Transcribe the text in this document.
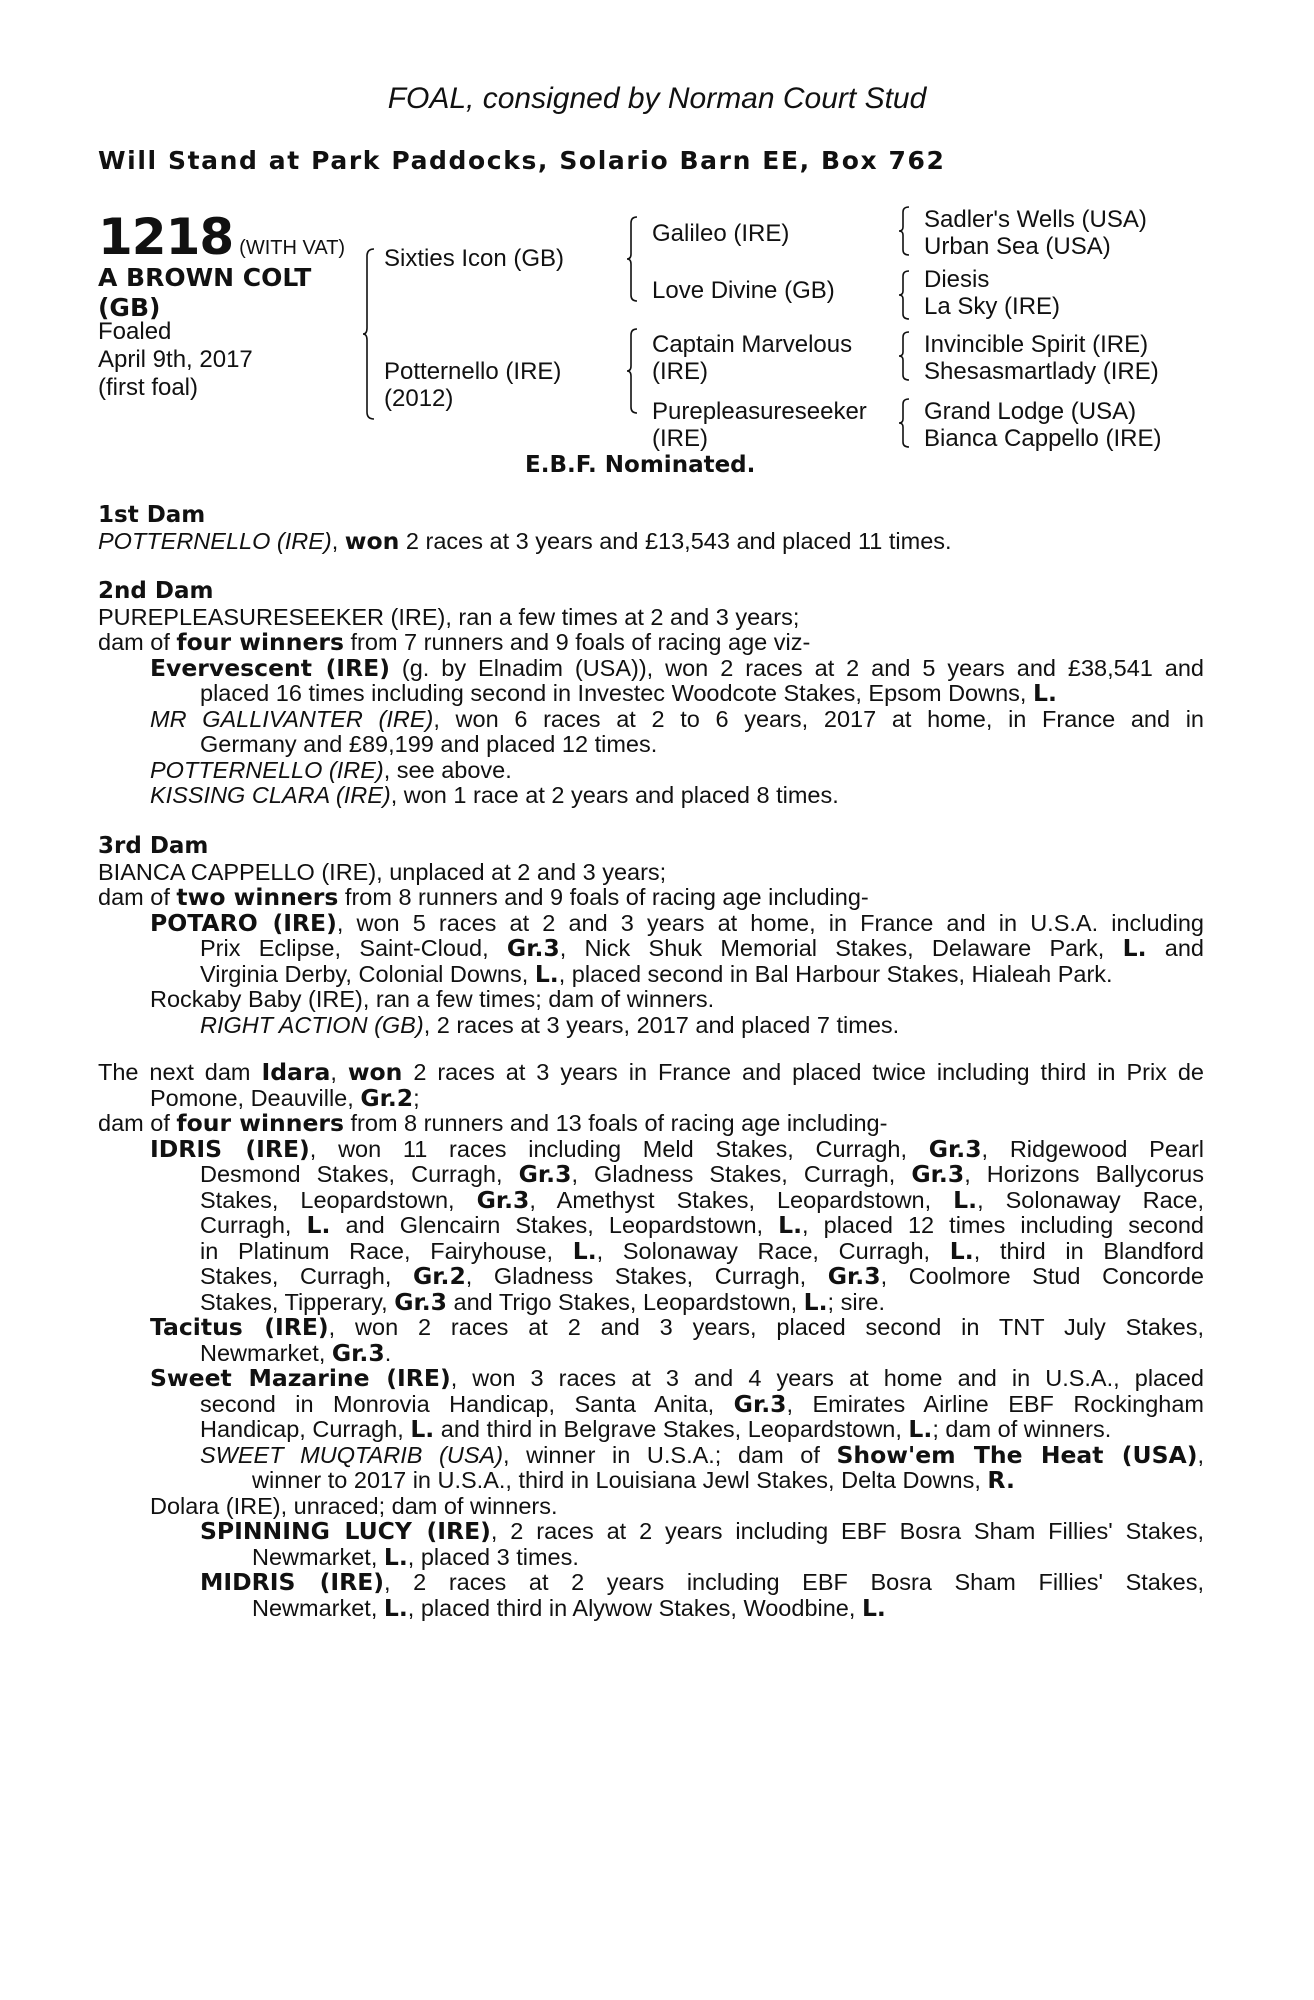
FOAL, consigned by Norman Court Stud
Will Stand at Park Paddocks, Solario Barn EE, Box 762
1218 (WITH VAT)
A BROWN COLT
(GB)
Foaled
April 9th, 2017
(first foal)
Sixties Icon (GB)
Potternello (IRE)
(2012)
Galileo (IRE)
Love Divine (GB)
Captain Marvelous
(IRE)
Purepleasureseeker
(IRE)
Sadler's Wells (USA)
Urban Sea (USA)
Diesis
La Sky (IRE)
Invincible Spirit (IRE)
Shesasmartlady (IRE)
Grand Lodge (USA)
Bianca Cappello (IRE)
E.B.F. Nominated.
1st Dam
POTTERNELLO (IRE), won 2 races at 3 years and £13,543 and placed 11 times.
2nd Dam
PUREPLEASURESEEKER (IRE), ran a few times at 2 and 3 years;
dam of four winners from 7 runners and 9 foals of racing age viz-
Evervescent (IRE) (g. by Elnadim (USA)), won 2 races at 2 and 5 years and £38,541 and
placed 16 times including second in Investec Woodcote Stakes, Epsom Downs, L.
MR GALLIVANTER (IRE), won 6 races at 2 to 6 years, 2017 at home, in France and in
Germany and £89,199 and placed 12 times.
POTTERNELLO (IRE), see above.
KISSING CLARA (IRE), won 1 race at 2 years and placed 8 times.
3rd Dam
BIANCA CAPPELLO (IRE), unplaced at 2 and 3 years;
dam of two winners from 8 runners and 9 foals of racing age including-
POTARO (IRE), won 5 races at 2 and 3 years at home, in France and in U.S.A. including
Prix Eclipse, Saint-Cloud, Gr.3, Nick Shuk Memorial Stakes, Delaware Park, L. and
Virginia Derby, Colonial Downs, L., placed second in Bal Harbour Stakes, Hialeah Park.
Rockaby Baby (IRE), ran a few times; dam of winners.
RIGHT ACTION (GB), 2 races at 3 years, 2017 and placed 7 times.
The next dam Idara, won 2 races at 3 years in France and placed twice including third in Prix de
Pomone, Deauville, Gr.2;
dam of four winners from 8 runners and 13 foals of racing age including-
IDRIS (IRE), won 11 races including Meld Stakes, Curragh, Gr.3, Ridgewood Pearl
Desmond Stakes, Curragh, Gr.3, Gladness Stakes, Curragh, Gr.3, Horizons Ballycorus
Stakes, Leopardstown, Gr.3, Amethyst Stakes, Leopardstown, L., Solonaway Race,
Curragh, L. and Glencairn Stakes, Leopardstown, L., placed 12 times including second
in Platinum Race, Fairyhouse, L., Solonaway Race, Curragh, L., third in Blandford
Stakes, Curragh, Gr.2, Gladness Stakes, Curragh, Gr.3, Coolmore Stud Concorde
Stakes, Tipperary, Gr.3 and Trigo Stakes, Leopardstown, L.; sire.
Tacitus (IRE), won 2 races at 2 and 3 years, placed second in TNT July Stakes,
Newmarket, Gr.3.
Sweet Mazarine (IRE), won 3 races at 3 and 4 years at home and in U.S.A., placed
second in Monrovia Handicap, Santa Anita, Gr.3, Emirates Airline EBF Rockingham
Handicap, Curragh, L. and third in Belgrave Stakes, Leopardstown, L.; dam of winners.
SWEET MUQTARIB (USA), winner in U.S.A.; dam of Show'em The Heat (USA),
winner to 2017 in U.S.A., third in Louisiana Jewl Stakes, Delta Downs, R.
Dolara (IRE), unraced; dam of winners.
SPINNING LUCY (IRE), 2 races at 2 years including EBF Bosra Sham Fillies' Stakes,
Newmarket, L., placed 3 times.
MIDRIS (IRE), 2 races at 2 years including EBF Bosra Sham Fillies' Stakes,
Newmarket, L., placed third in Alywow Stakes, Woodbine, L.
